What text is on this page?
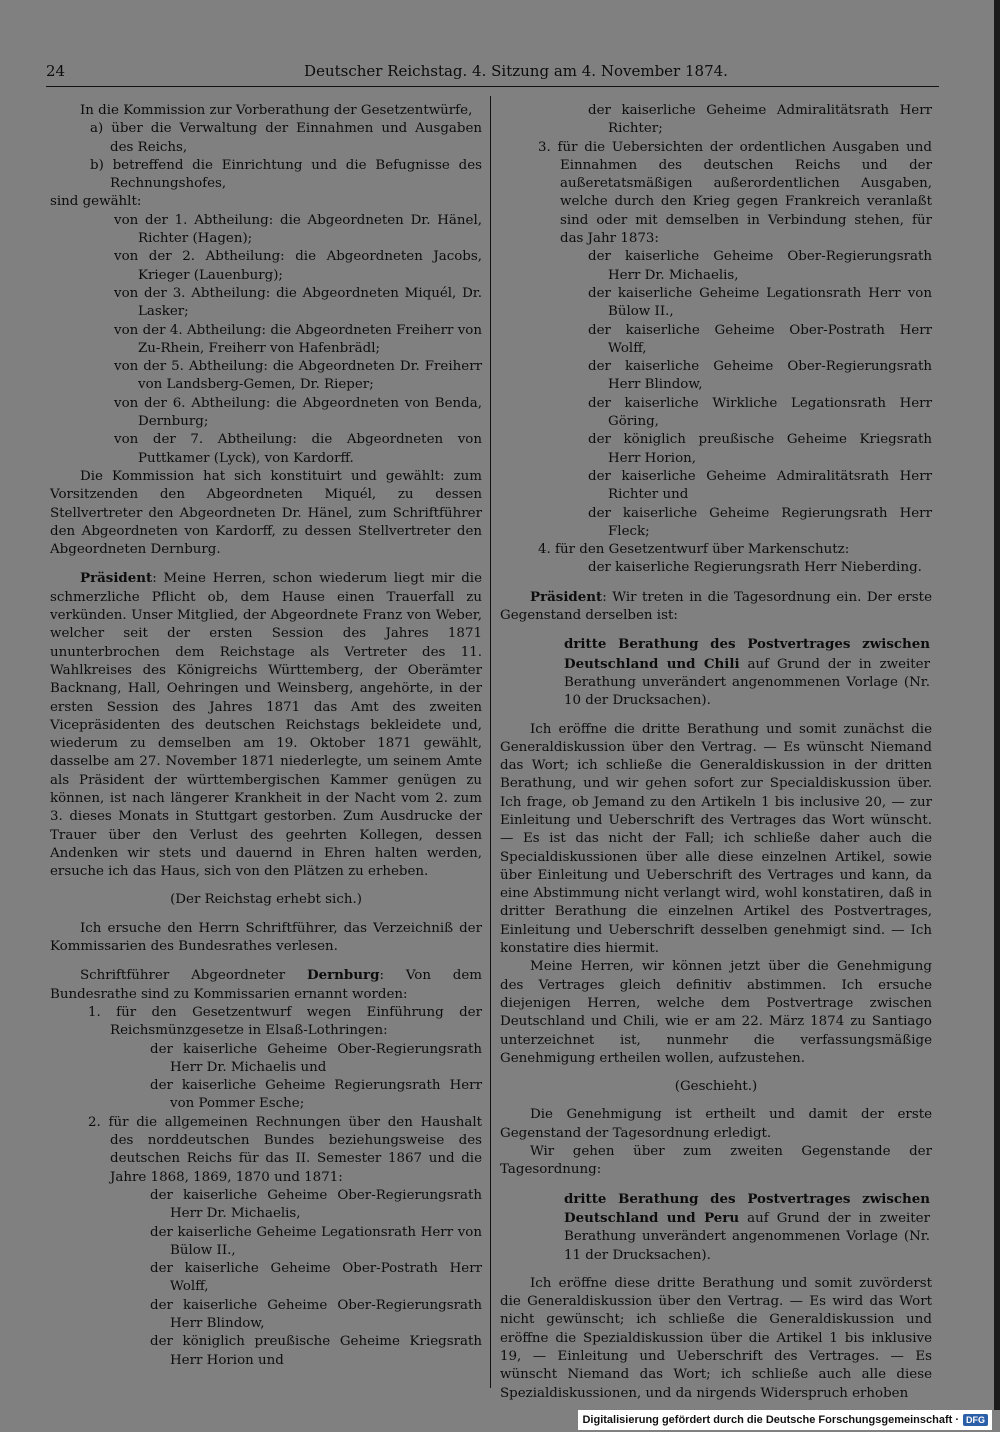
24	Deutscher Reichstag. 4. Sitzung am 4. November 1874.

In die Kommission zur Vorberathung der Gesetzentwürfe,

a) über die Verwaltung der Einnahmen und Ausgaben des Reichs,

b) betreffend die Einrichtung und die Befugnisse des Rechnungshofes,

sind gewählt:

von der 1. Abtheilung: die Abgeordneten Dr. Hänel, Richter (Hagen);

von der 2. Abtheilung: die Abgeordneten Jacobs, Krieger (Lauenburg);

von der 3. Abtheilung: die Abgeordneten Miquél, Dr. Lasker;

von der 4. Abtheilung: die Abgeordneten Freiherr von Zu-Rhein, Freiherr von Hafenbrädl;

von der 5. Abtheilung: die Abgeordneten Dr. Freiherr von Landsberg-Gemen, Dr. Rieper;

von der 6. Abtheilung: die Abgeordneten von Benda, Dernburg;

von der 7. Abtheilung: die Abgeordneten von Puttkamer (Lyck), von Kardorff.

Die Kommission hat sich konstituirt und gewählt: zum Vorsitzenden den Abgeordneten Miquél, zu dessen Stellvertreter den Abgeordneten Dr. Hänel, zum Schriftführer den Abgeordneten von Kardorff, zu dessen Stellvertreter den Abgeordneten Dernburg.

Präsident: Meine Herren, schon wiederum liegt mir die schmerzliche Pflicht ob, dem Hause einen Trauerfall zu verkünden. Unser Mitglied, der Abgeordnete Franz von Weber, welcher seit der ersten Session des Jahres 1871 ununterbrochen dem Reichstage als Vertreter des 11. Wahlkreises des Königreichs Württemberg, der Oberämter Backnang, Hall, Oehringen und Weinsberg, angehörte, in der ersten Session des Jahres 1871 das Amt des zweiten Vicepräsidenten des deutschen Reichstags bekleidete und, wiederum zu demselben am 19. Oktober 1871 gewählt, dasselbe am 27. November 1871 niederlegte, um seinem Amte als Präsident der württembergischen Kammer genügen zu können, ist nach längerer Krankheit in der Nacht vom 2. zum 3. dieses Monats in Stuttgart gestorben. Zum Ausdrucke der Trauer über den Verlust des geehrten Kollegen, dessen Andenken wir stets und dauernd in Ehren halten werden, ersuche ich das Haus, sich von den Plätzen zu erheben.

(Der Reichstag erhebt sich.)

Ich ersuche den Herrn Schriftführer, das Verzeichniß der Kommissarien des Bundesrathes verlesen.

Schriftführer Abgeordneter Dernburg: Von dem Bundesrathe sind zu Kommissarien ernannt worden:

1. für den Gesetzentwurf wegen Einführung der Reichsmünzgesetze in Elsaß-Lothringen:

der kaiserliche Geheime Ober-Regierungsrath Herr Dr. Michaelis und

der kaiserliche Geheime Regierungsrath Herr von Pommer Esche;

2. für die allgemeinen Rechnungen über den Haushalt des norddeutschen Bundes beziehungsweise des deutschen Reichs für das II. Semester 1867 und die Jahre 1868, 1869, 1870 und 1871:

der kaiserliche Geheime Ober-Regierungsrath Herr Dr. Michaelis,

der kaiserliche Geheime Legationsrath Herr von Bülow II.,

der kaiserliche Geheime Ober-Postrath Herr Wolff,

der kaiserliche Geheime Ober-Regierungsrath Herr Blindow,

der königlich preußische Geheime Kriegsrath Herr Horion und

der kaiserliche Geheime Admiralitätsrath Herr Richter;

3. für die Uebersichten der ordentlichen Ausgaben und Einnahmen des deutschen Reichs und der außeretatsmäßigen außerordentlichen Ausgaben, welche durch den Krieg gegen Frankreich veranlaßt sind oder mit demselben in Verbindung stehen, für das Jahr 1873:

der kaiserliche Geheime Ober-Regierungsrath Herr Dr. Michaelis,

der kaiserliche Geheime Legationsrath Herr von Bülow II.,

der kaiserliche Geheime Ober-Postrath Herr Wolff,

der kaiserliche Geheime Ober-Regierungsrath Herr Blindow,

der kaiserliche Wirkliche Legationsrath Herr Göring,

der königlich preußische Geheime Kriegsrath Herr Horion,

der kaiserliche Geheime Admiralitätsrath Herr Richter und

der kaiserliche Geheime Regierungsrath Herr Fleck;

4. für den Gesetzentwurf über Markenschutz:

der kaiserliche Regierungsrath Herr Nieberding.

Präsident: Wir treten in die Tagesordnung ein. Der erste Gegenstand derselben ist:

dritte Berathung des Postvertrages zwischen Deutschland und Chili auf Grund der in zweiter Berathung unverändert angenommenen Vorlage (Nr. 10 der Drucksachen).

Ich eröffne die dritte Berathung und somit zunächst die Generaldiskussion über den Vertrag. — Es wünscht Niemand das Wort; ich schließe die Generaldiskussion in der dritten Berathung, und wir gehen sofort zur Specialdiskussion über. Ich frage, ob Jemand zu den Artikeln 1 bis inclusive 20, — zur Einleitung und Ueberschrift des Vertrages das Wort wünscht. — Es ist das nicht der Fall; ich schließe daher auch die Specialdiskussionen über alle diese einzelnen Artikel, sowie über Einleitung und Ueberschrift des Vertrages und kann, da eine Abstimmung nicht verlangt wird, wohl konstatiren, daß in dritter Berathung die einzelnen Artikel des Postvertrages, Einleitung und Ueberschrift desselben genehmigt sind. — Ich konstatire dies hiermit.

Meine Herren, wir können jetzt über die Genehmigung des Vertrages gleich definitiv abstimmen. Ich ersuche diejenigen Herren, welche dem Postvertrage zwischen Deutschland und Chili, wie er am 22. März 1874 zu Santiago unterzeichnet ist, nunmehr die verfassungsmäßige Genehmigung ertheilen wollen, aufzustehen.

(Geschieht.)

Die Genehmigung ist ertheilt und damit der erste Gegenstand der Tagesordnung erledigt.

Wir gehen über zum zweiten Gegenstande der Tagesordnung:

dritte Berathung des Postvertrages zwischen Deutschland und Peru auf Grund der in zweiter Berathung unverändert angenommenen Vorlage (Nr. 11 der Drucksachen).

Ich eröffne diese dritte Berathung und somit zuvörderst die Generaldiskussion über den Vertrag. — Es wird das Wort nicht gewünscht; ich schließe die Generaldiskussion und eröffne die Spezialdiskussion über die Artikel 1 bis inklusive 19, — Einleitung und Ueberschrift des Vertrages. — Es wünscht Niemand das Wort; ich schließe auch alle diese Spezialdiskussionen, und da nirgends Widerspruch erhoben

Digitalisierung gefördert durch die Deutsche Forschungsgemeinschaft · DFG
